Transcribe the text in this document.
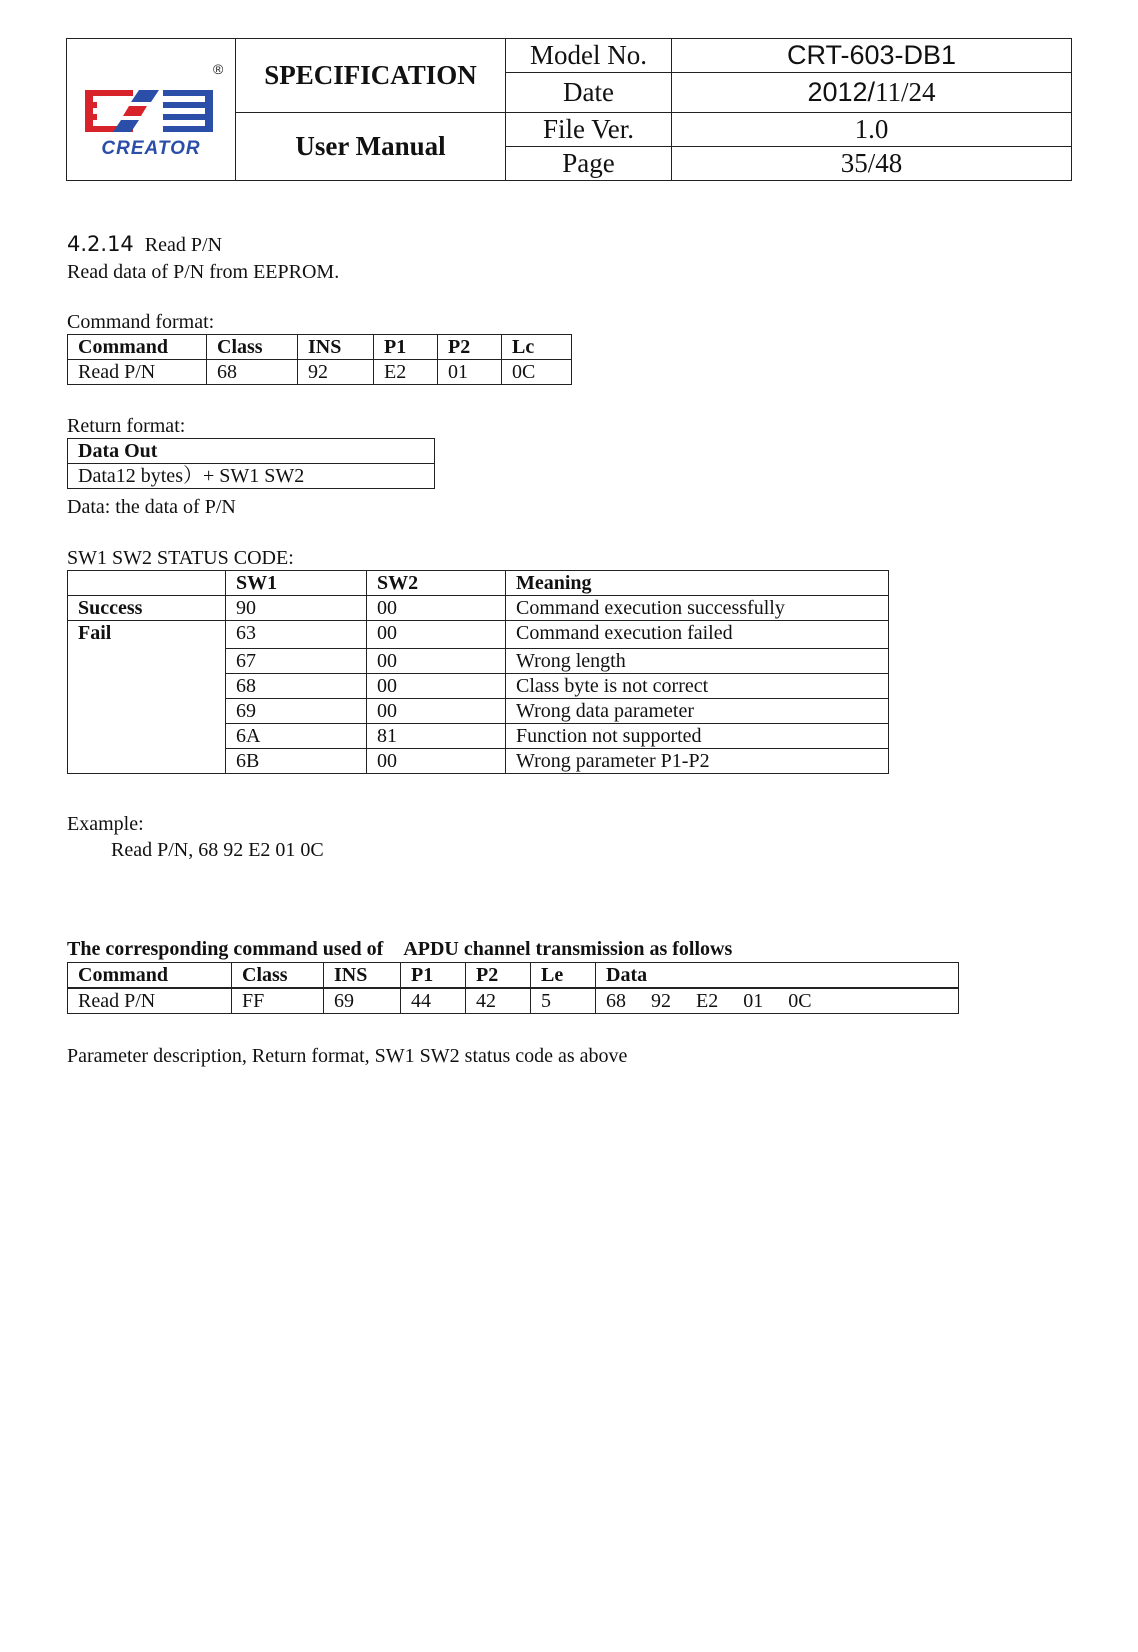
CREATOR
®	SPECIFICATION	Model No.	CRT-603-DB1
		Date	2012/11/24
	User Manual	File Ver.	1.0
		Page	35/48
4.2.14 Read P/N
Read data of P/N from EEPROM.
Command format:
Command	Class	INS	P1	P2	Lc
Read P/N	68	92	E2	01	0C
Return format:
Data Out
Data12 bytes）+ SW1 SW2
Data: the data of P/N
SW1 SW2 STATUS CODE:
	SW1	SW2	Meaning
Success	90	00	Command execution successfully
Fail	63	00	Command execution failed
	67	00	Wrong length
	68	00	Class byte is not correct
	69	00	Wrong data parameter
	6A	81	Function not supported
	6B	00	Wrong parameter P1-P2
Example:
Read P/N, 68 92 E2 01 0C
The corresponding command used of　APDU channel transmission as follows
Command	Class	INS	P1	P2	Le	Data
Read P/N	FF	69	44	42	5	68　 92　 E2　 01　 0C
Parameter description, Return format, SW1 SW2 status code as above
